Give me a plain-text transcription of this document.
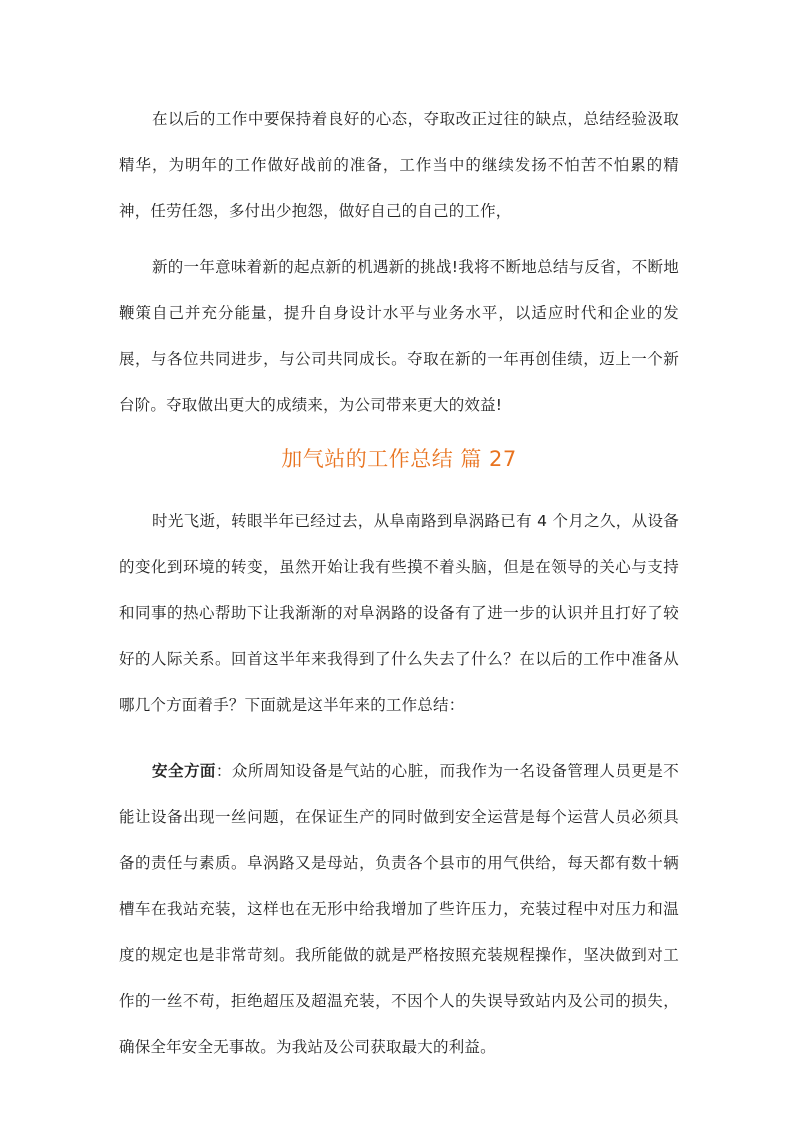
在以后的工作中要保持着良好的心态，夺取改正过往的缺点，总结经验汲取精华，为明年的工作做好战前的准备，工作当中的继续发扬不怕苦不怕累的精神，任劳任怨，多付出少抱怨，做好自己的自己的工作，

新的一年意味着新的起点新的机遇新的挑战!我将不断地总结与反省，不断地鞭策自己并充分能量，提升自身设计水平与业务水平，以适应时代和企业的发展，与各位共同进步，与公司共同成长。夺取在新的一年再创佳绩，迈上一个新台阶。夺取做出更大的成绩来，为公司带来更大的效益!

加气站的工作总结 篇 27

时光飞逝，转眼半年已经过去，从阜南路到阜涡路已有 4 个月之久，从设备的变化到环境的转变，虽然开始让我有些摸不着头脑，但是在领导的关心与支持和同事的热心帮助下让我渐渐的对阜涡路的设备有了进一步的认识并且打好了较好的人际关系。回首这半年来我得到了什么失去了什么？在以后的工作中准备从哪几个方面着手？下面就是这半年来的工作总结：

安全方面：众所周知设备是气站的心脏，而我作为一名设备管理人员更是不能让设备出现一丝问题，在保证生产的同时做到安全运营是每个运营人员必须具备的责任与素质。阜涡路又是母站，负责各个县市的用气供给，每天都有数十辆槽车在我站充装，这样也在无形中给我增加了些许压力，充装过程中对压力和温度的规定也是非常苛刻。我所能做的就是严格按照充装规程操作，坚决做到对工作的一丝不苟，拒绝超压及超温充装，不因个人的失误导致站内及公司的损失，确保全年安全无事故。为我站及公司获取最大的利益。
